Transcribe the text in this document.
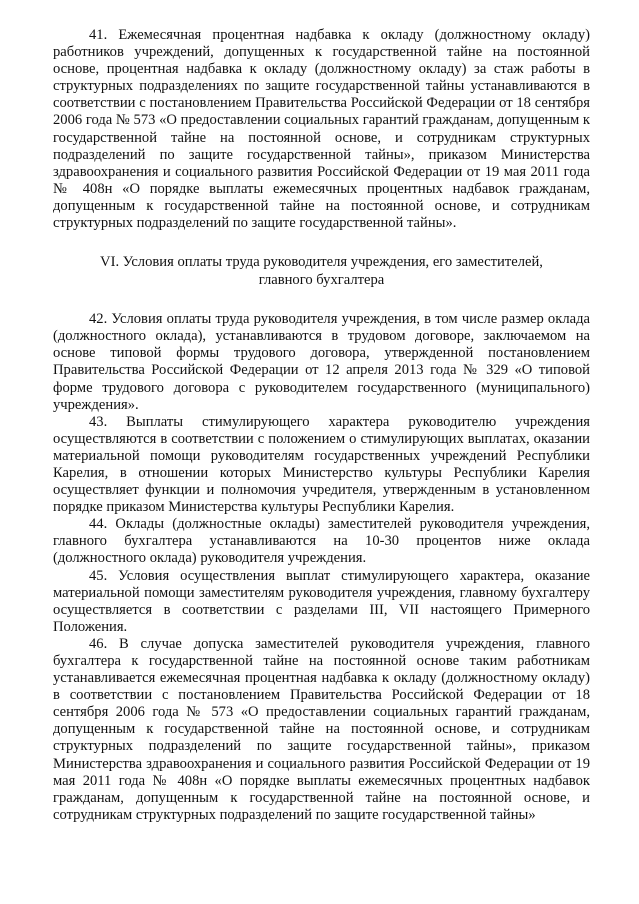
41. Ежемесячная процентная надбавка к окладу (должностному окладу) работников учреждений, допущенных к государственной тайне на постоянной основе, процентная надбавка к окладу (должностному окладу) за стаж работы в структурных подразделениях по защите государственной тайны устанавливаются в соответствии с постановлением Правительства Российской Федерации от 18 сентября 2006 года № 573 «О предоставлении социальных гарантий гражданам, допущенным к государственной тайне на постоянной основе, и сотрудникам структурных подразделений по защите государственной тайны», приказом Министерства здравоохранения и социального развития Российской Федерации от 19 мая 2011 года № 408н «О порядке выплаты ежемесячных процентных надбавок гражданам, допущенным к государственной тайне на постоянной основе, и сотрудникам структурных подразделений по защите государственной тайны».

VI. Условия оплаты труда руководителя учреждения, его заместителей,

главного бухгалтера

42. Условия оплаты труда руководителя учреждения, в том числе размер оклада (должностного оклада), устанавливаются в трудовом договоре, заключаемом на основе типовой формы трудового договора, утвержденной постановлением Правительства Российской Федерации от 12 апреля 2013 года № 329 «О типовой форме трудового договора с руководителем государственного (муниципального) учреждения».

43. Выплаты стимулирующего характера руководителю учреждения осуществляются в соответствии с положением о стимулирующих выплатах, оказании материальной помощи руководителям государственных учреждений Республики Карелия, в отношении которых Министерство культуры Республики Карелия осуществляет функции и полномочия учредителя, утвержденным в установленном порядке приказом Министерства культуры Республики Карелия.

44. Оклады (должностные оклады) заместителей руководителя учреждения, главного бухгалтера устанавливаются на 10-30 процентов ниже оклада (должностного оклада) руководителя учреждения.

45. Условия осуществления выплат стимулирующего характера, оказание материальной помощи заместителям руководителя учреждения, главному бухгалтеру осуществляется в соответствии с разделами III, VII настоящего Примерного Положения.

46. В случае допуска заместителей руководителя учреждения, главного бухгалтера к государственной тайне на постоянной основе таким работникам устанавливается ежемесячная процентная надбавка к окладу (должностному окладу) в соответствии с постановлением Правительства Российской Федерации от 18 сентября 2006 года № 573 «О предоставлении социальных гарантий гражданам, допущенным к государственной тайне на постоянной основе, и сотрудникам структурных подразделений по защите государственной тайны», приказом Министерства здравоохранения и социального развития Российской Федерации от 19 мая 2011 года № 408н «О порядке выплаты ежемесячных процентных надбавок гражданам, допущенным к государственной тайне на постоянной основе, и сотрудникам структурных подразделений по защите государственной тайны»
